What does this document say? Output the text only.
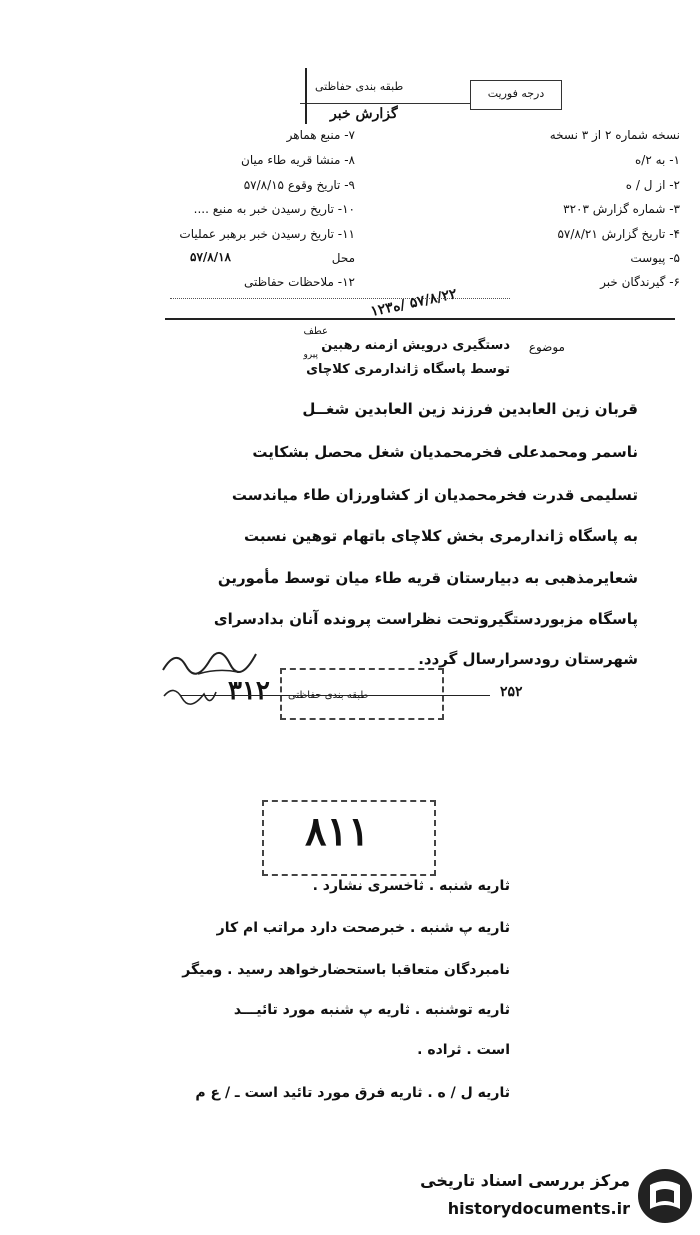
طبقه بندی حفاظتی
گزارش خبر
درجه فوریت
نسخه شماره ۲ از ۳ نسخه
۷- منبع هماهر
۱- به ۲/ه
۸- منشا قریه طاء میان
۲- از ل / ه
۹- تاریخ وقوع ۵۷/۸/۱۵
۳- شماره گزارش ۳۲۰۳
۱۰- تاریخ رسیدن خبر به منبع ....
۴- تاریخ گزارش ۵۷/۸/۲۱
۱۱- تاریخ رسیدن خبر برهبر عملیات
۵- پیوست
محل
۵۷/۸/۱۸
۶- گیرندگان خبر
۱۲- ملاحظات حفاظتی
۵۷/۸/۲۲ /ه۱۲۳
موضوع
عطف
دستگیری درویش ازمنه رهبین
پیرو
توسط پاسگاه ژاندارمری کلاچای
قربان زین العابدین فرزند زین العابدین شغــل
ناسمر ومحمدعلی فخرمحمدیان شغل محصل بشکایت
تسلیمی قدرت فخرمحمدیان از کشاورزان طاء میاندست
به پاسگاه ژاندارمری بخش کلاچای باتهام توهین نسبت
شعایرمذهبی به دبیارستان قریه طاء میان توسط مأمورین
پاسگاه مزبوردستگیروتحت نظراست پرونده آنان بدادسرای
شهرستان رودسرارسال گردد.
۳۱۲ طبقه بندی حفاظتی	۲۵۲
۸۱۱
ثاریه شنبه . ثاخسری نشارد .
ثاریه پ شنبه . خبرصحت دارد مراتب ام کار
نامبردگان متعاقبا باستحضارخواهد رسید . ومیگر
ثاریه توشنبه . ثاریه پ شنبه مورد تائیـــد
است . ثراده .
ثاریه ل / ه . ثاریه فرق مورد تائید است ـ / ع م
مرکز بررسی اسناد تاریخی
historydocuments.ir
